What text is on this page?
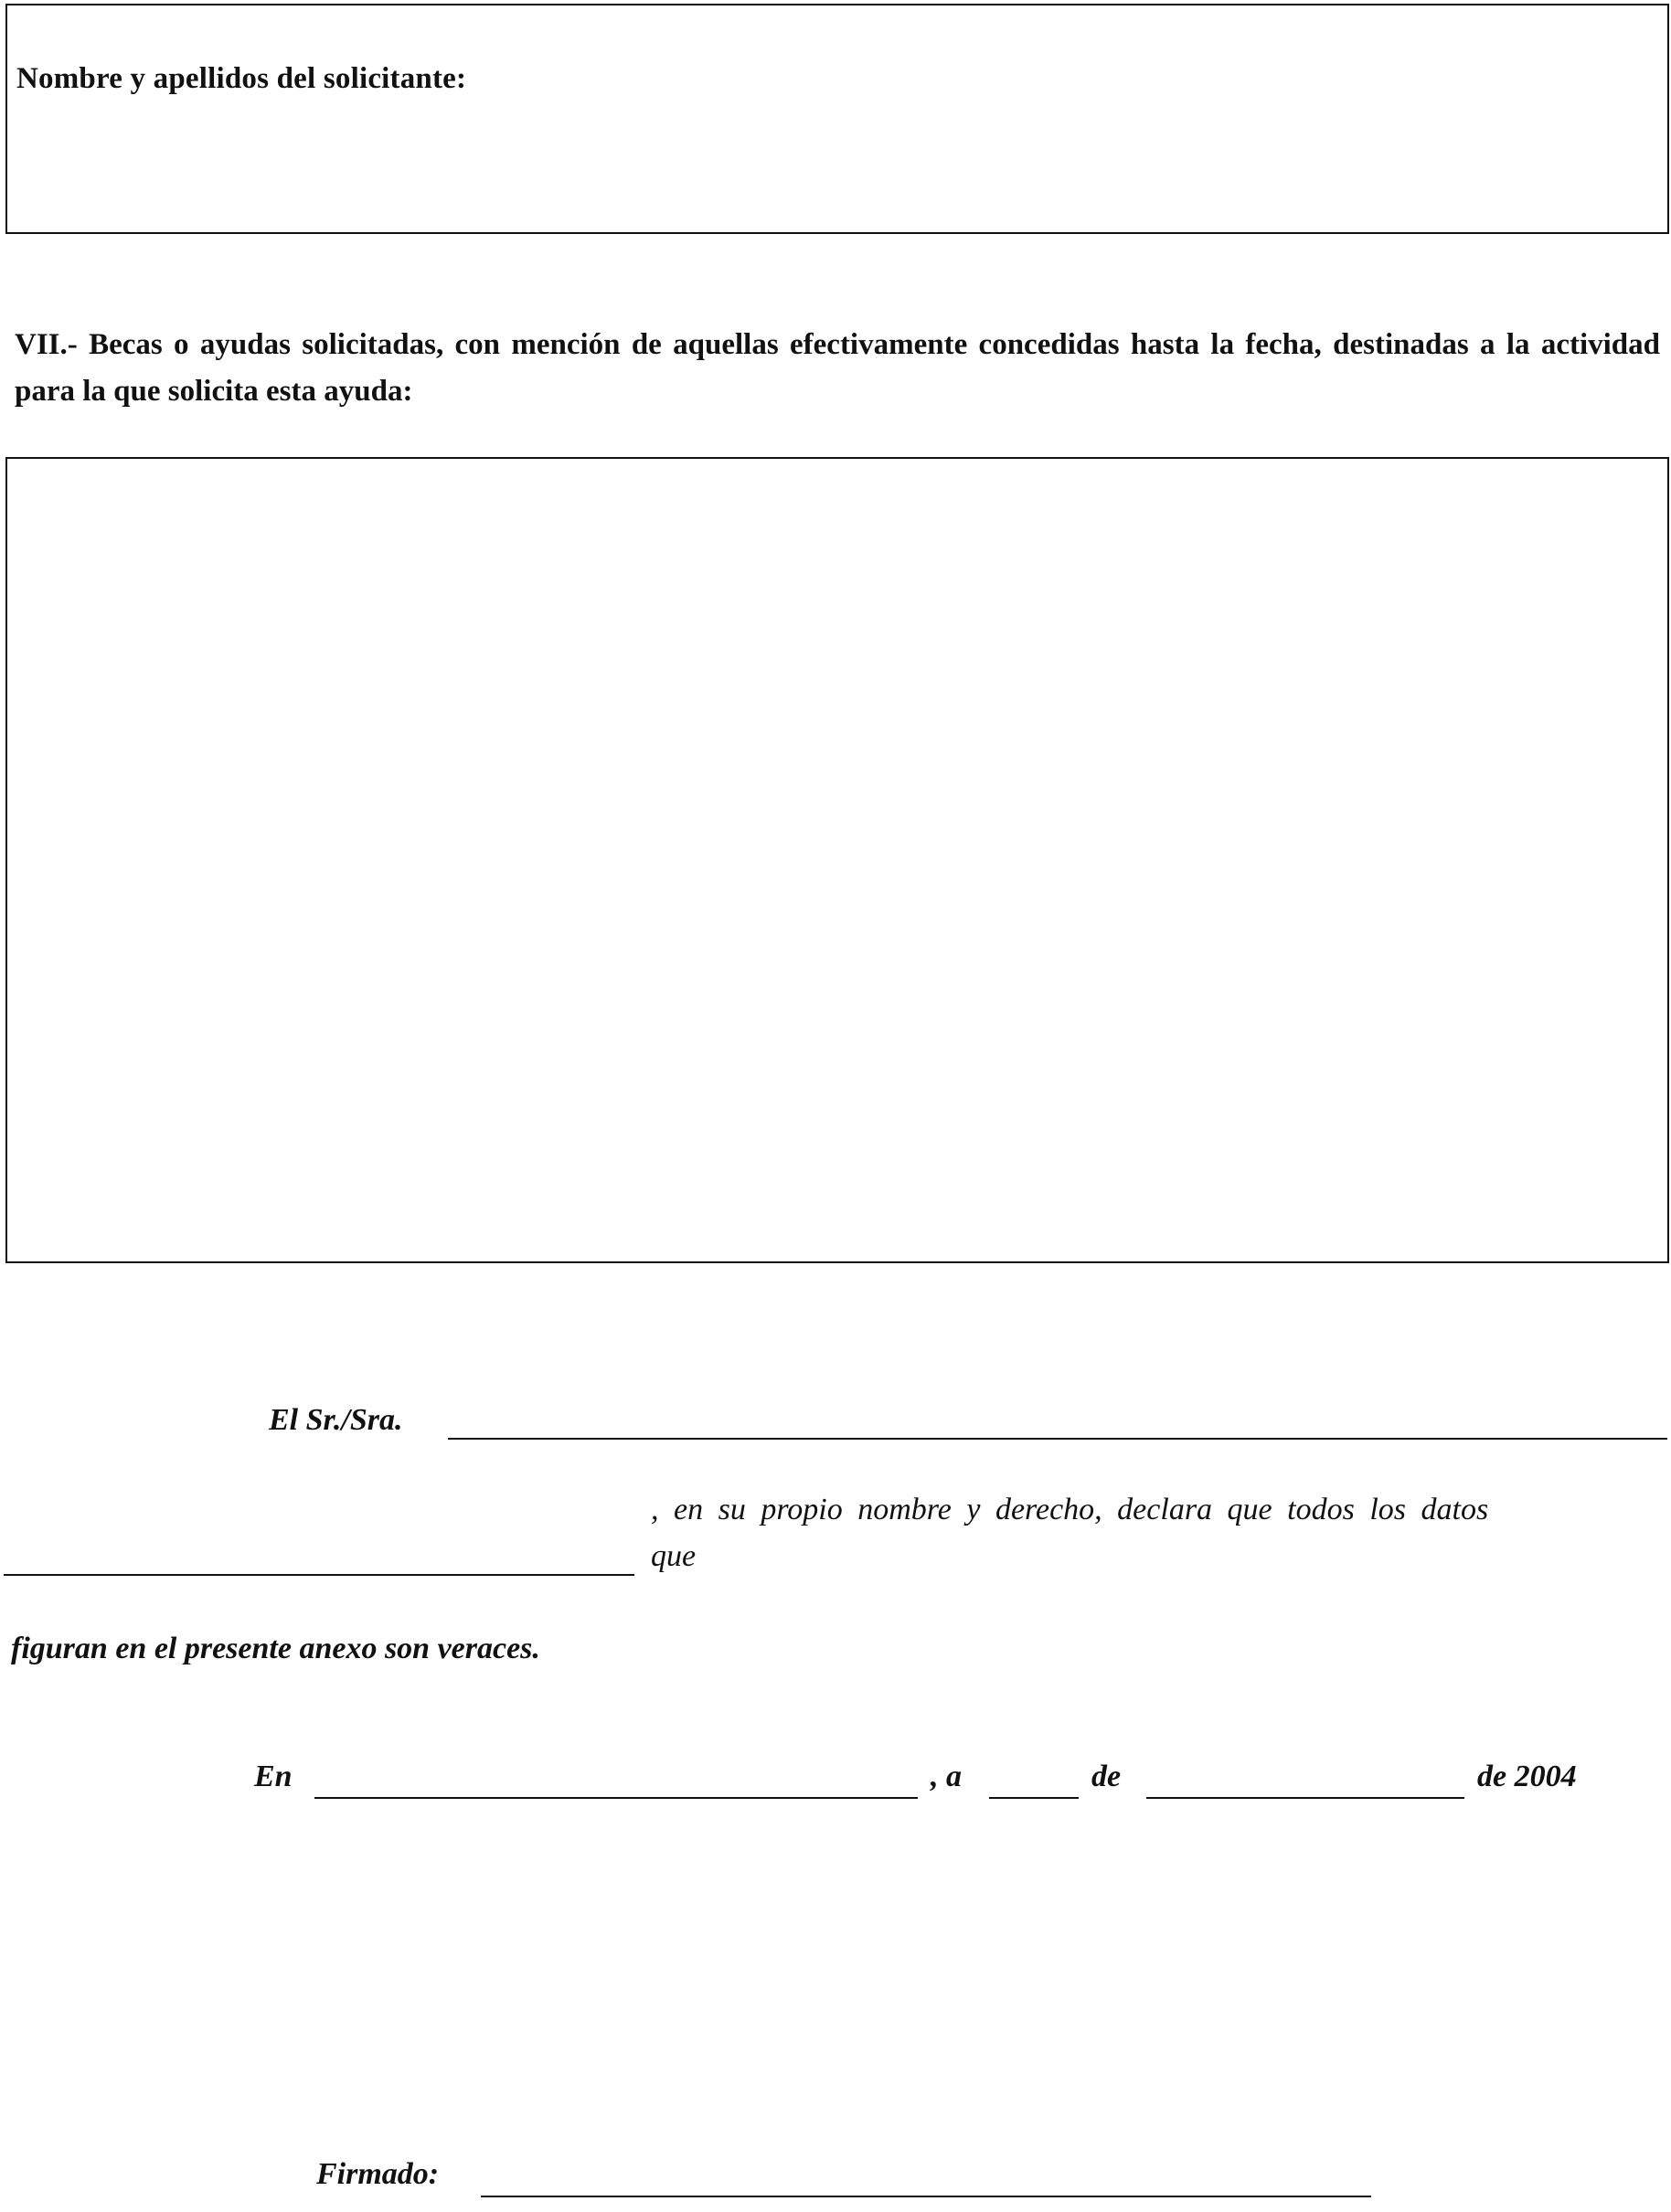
Nombre y apellidos del solicitante:
VII.- Becas o ayudas solicitadas, con mención de aquellas efectivamente concedidas hasta la fecha, destinadas a la actividad para la que solicita esta ayuda:
El Sr./Sra.
, en su propio nombre y derecho, declara que todos los datos
que
figuran en el presente anexo son veraces.
En	, a	de	de 2004
Firmado:
